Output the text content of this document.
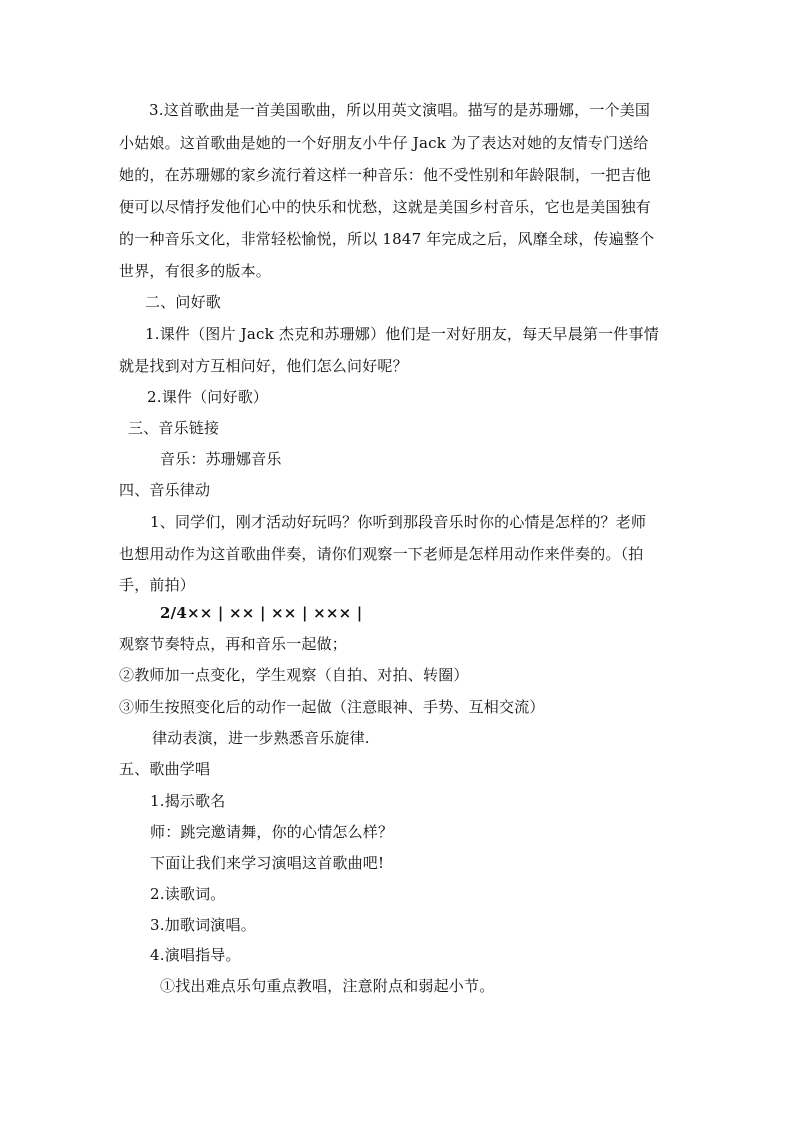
3.这首歌曲是一首美国歌曲，所以用英文演唱。描写的是苏珊娜，一个美国
小姑娘。这首歌曲是她的一个好朋友小牛仔 Jack 为了表达对她的友情专门送给
她的，在苏珊娜的家乡流行着这样一种音乐：他不受性别和年龄限制，一把吉他
便可以尽情抒发他们心中的快乐和忧愁，这就是美国乡村音乐，它也是美国独有
的一种音乐文化，非常轻松愉悦，所以 1847 年完成之后，风靡全球，传遍整个
世界，有很多的版本。
二、问好歌
1.课件（图片 Jack 杰克和苏珊娜）他们是一对好朋友，每天早晨第一件事情
就是找到对方互相问好，他们怎么问好呢？
2.课件（问好歌）
三、音乐链接
音乐：苏珊娜音乐
四、音乐律动
1、同学们，刚才活动好玩吗？你听到那段音乐时你的心情是怎样的？老师
也想用动作为这首歌曲伴奏，请你们观察一下老师是怎样用动作来伴奏的。（拍
手，前拍）
2/4×× | ×× | ×× | ××× |
观察节奏特点，再和音乐一起做；
②教师加一点变化，学生观察（自拍、对拍、转圈）
③师生按照变化后的动作一起做（注意眼神、手势、互相交流）
律动表演，进一步熟悉音乐旋律.
五、歌曲学唱
1.揭示歌名
师：跳完邀请舞，你的心情怎么样？
下面让我们来学习演唱这首歌曲吧!
2.读歌词。
3.加歌词演唱。
4.演唱指导。
①找出难点乐句重点教唱，注意附点和弱起小节。
